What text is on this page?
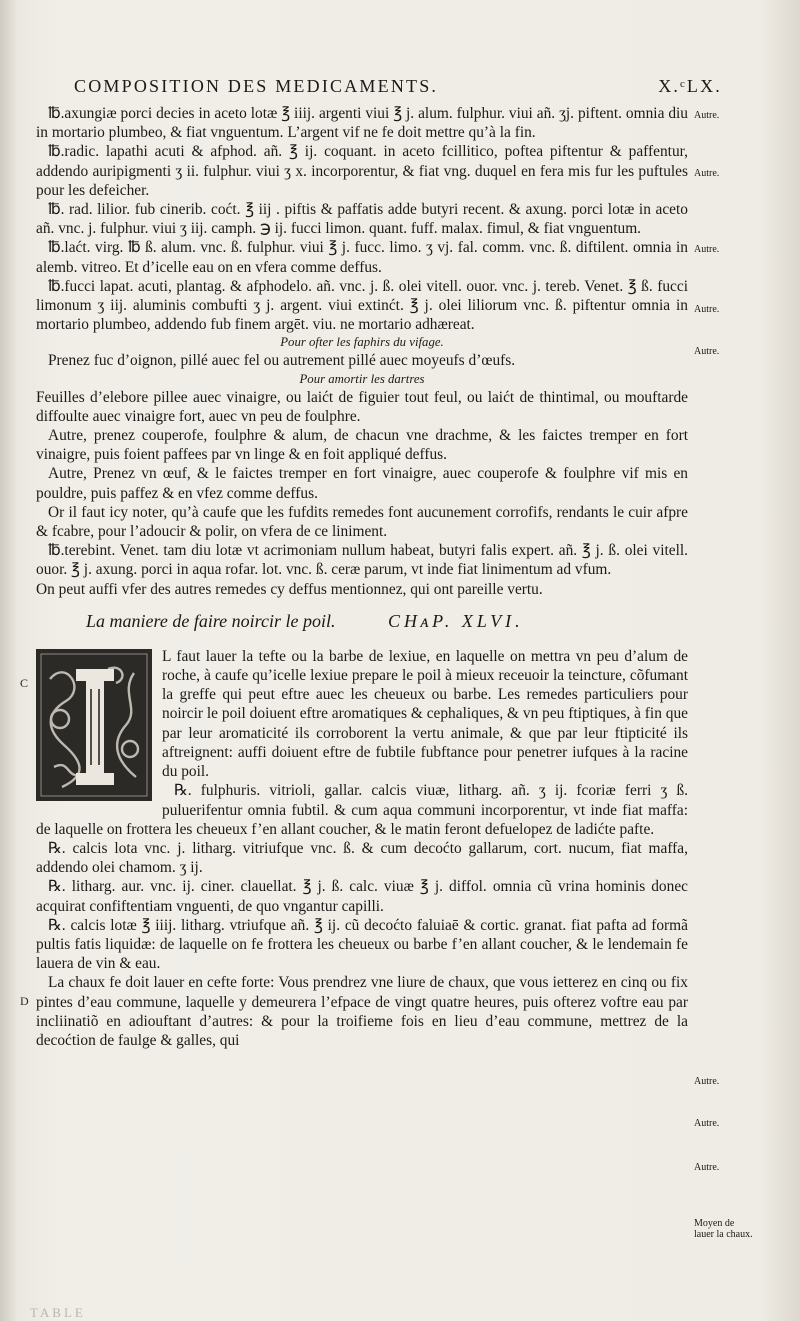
COMPOSITION DES MEDICAMENTS.	X.ᶜLX.

℔.axungiæ porci decies in aceto lotæ ℥ iiij. argenti viui ℥ j. alum. fulphur. viui añ. ʒj. piftent. omnia diu in mortario plumbeo, & fiat vnguentum. L’argent vif ne fe doit mettre qu’à la fin.

℔.radic. lapathi acuti & afphod. añ. ℥ ij. coquant. in aceto fcillitico, poftea piftentur & paffentur, addendo auripigmenti ʒ ii. fulphur. viui ʒ x. incorporentur, & fiat vng. duquel en fera mis fur les puftules pour les defeicher.

℔. rad. lilior. fub cinerib. coćt. ℥ iij . piftis & paffatis adde butyri recent. & axung. porci lotæ in aceto añ. vnc. j. fulphur. viui ʒ iij. camph. ℈ ij. fucci limon. quant. fuff. malax. fimul, & fiat vnguentum.

℔.laćt. virg. ℔ ß. alum. vnc. ß. fulphur. viui ℥ j. fucc. limo. ʒ vj. fal. comm. vnc. ß. diftilent. omnia in alemb. vitreo. Et d’icelle eau on en vfera comme deffus.

℔.fucci lapat. acuti, plantag. & afphodelo. añ. vnc. j. ß. olei vitell. ouor. vnc. j. tereb. Venet. ℥ ß. fucci limonum ʒ iij. aluminis combufti ʒ j. argent. viui extinćt. ℥ j. olei liliorum vnc. ß. piftentur omnia in mortario plumbeo, addendo fub finem argēt. viu. ne mortario adhæreat.

Pour ofter les faphirs du vifage.

Prenez fuc d’oignon, pillé auec fel ou autrement pillé auec moyeufs d’œufs.

Pour amortir les dartres

Feuilles d’elebore pillee auec vinaigre, ou laićt de figuier tout feul, ou laićt de thintimal, ou mouftarde diffoulte auec vinaigre fort, auec vn peu de foulphre.

Autre, prenez couperofe, foulphre & alum, de chacun vne drachme, & les faictes tremper en fort vinaigre, puis foient paffees par vn linge & en foit appliqué deffus.

Autre, Prenez vn œuf, & le faictes tremper en fort vinaigre, auec couperofe & foulphre vif mis en pouldre, puis paffez & en vfez comme deffus.

Or il faut icy noter, qu’à caufe que les fufdits remedes font aucunement corrofifs, rendants le cuir afpre & fcabre, pour l’adoucir & polir, on vfera de ce liniment.

℔.terebint. Venet. tam diu lotæ vt acrimoniam nullum habeat, butyri falis expert. añ. ℥ j. ß. olei vitell. ouor. ℥ j. axung. porci in aqua rofar. lot. vnc. ß. ceræ parum, vt inde fiat linimentum ad vfum.

On peut auffi vfer des autres remedes cy deffus mentionnez, qui ont pareille vertu.

La maniere de faire noircir le poil.	CHᴀP. XLVI.

L faut lauer la tefte ou la barbe de lexiue, en laquelle on mettra vn peu d’alum de roche, à caufe qu’icelle lexiue prepare le poil à mieux receuoir la teincture, cõfumant la greffe qui peut eftre auec les cheueux ou barbe. Les remedes particuliers pour noircir le poil doiuent eftre aromatiques & cephaliques, & vn peu ftiptiques, à fin que par leur aromaticité ils corroborent la vertu animale, & que par leur ftipticité ils aftreignent: auffi doiuent eftre de fubtile fubftance pour penetrer iufques à la racine du poil.

℞. fulphuris. vitrioli, gallar. calcis viuæ, litharg. añ. ʒ ij. fcoriæ ferri ʒ ß. puluerifentur omnia fubtil. & cum aqua communi incorporentur, vt inde fiat maffa: de laquelle on frottera les cheueux f’en allant coucher, & le matin feront defuelopez de ladićte pafte.

℞. calcis lota vnc. j. litharg. vitriufque vnc. ß. & cum decoćto gallarum, cort. nucum, fiat maffa, addendo olei chamom. ʒ ij.

℞. litharg. aur. vnc. ij. ciner. clauellat. ℥ j. ß. calc. viuæ ℥ j. diffol. omnia cũ vrina hominis donec acquirat confiftentiam vnguenti, de quo vngantur capilli.

℞. calcis lotæ ℥ iiij. litharg. vtriufque añ. ℥ ij. cũ decoćto faluiaē & cortic. granat. fiat pafta ad formã pultis fatis liquidæ: de laquelle on fe frottera les cheueux ou barbe f’en allant coucher, & le lendemain fe lauera de vin & eau.

La chaux fe doit lauer en cefte forte: Vous prendrez vne liure de chaux, que vous ietterez en cinq ou fix pintes d’eau commune, laquelle y demeurera l’efpace de vingt quatre heures, puis ofterez voftre eau par incliinatiõ en adiouftant d’autres: & pour la troifieme fois en lieu d’eau commune, mettrez de la decoćtion de faulge & galles, qui

Autre.
Autre.
Autre.
Autre.
Autre.
Autre.
Autre.
Autre.
Moyen de lauer la chaux.
C
D
TABLE
